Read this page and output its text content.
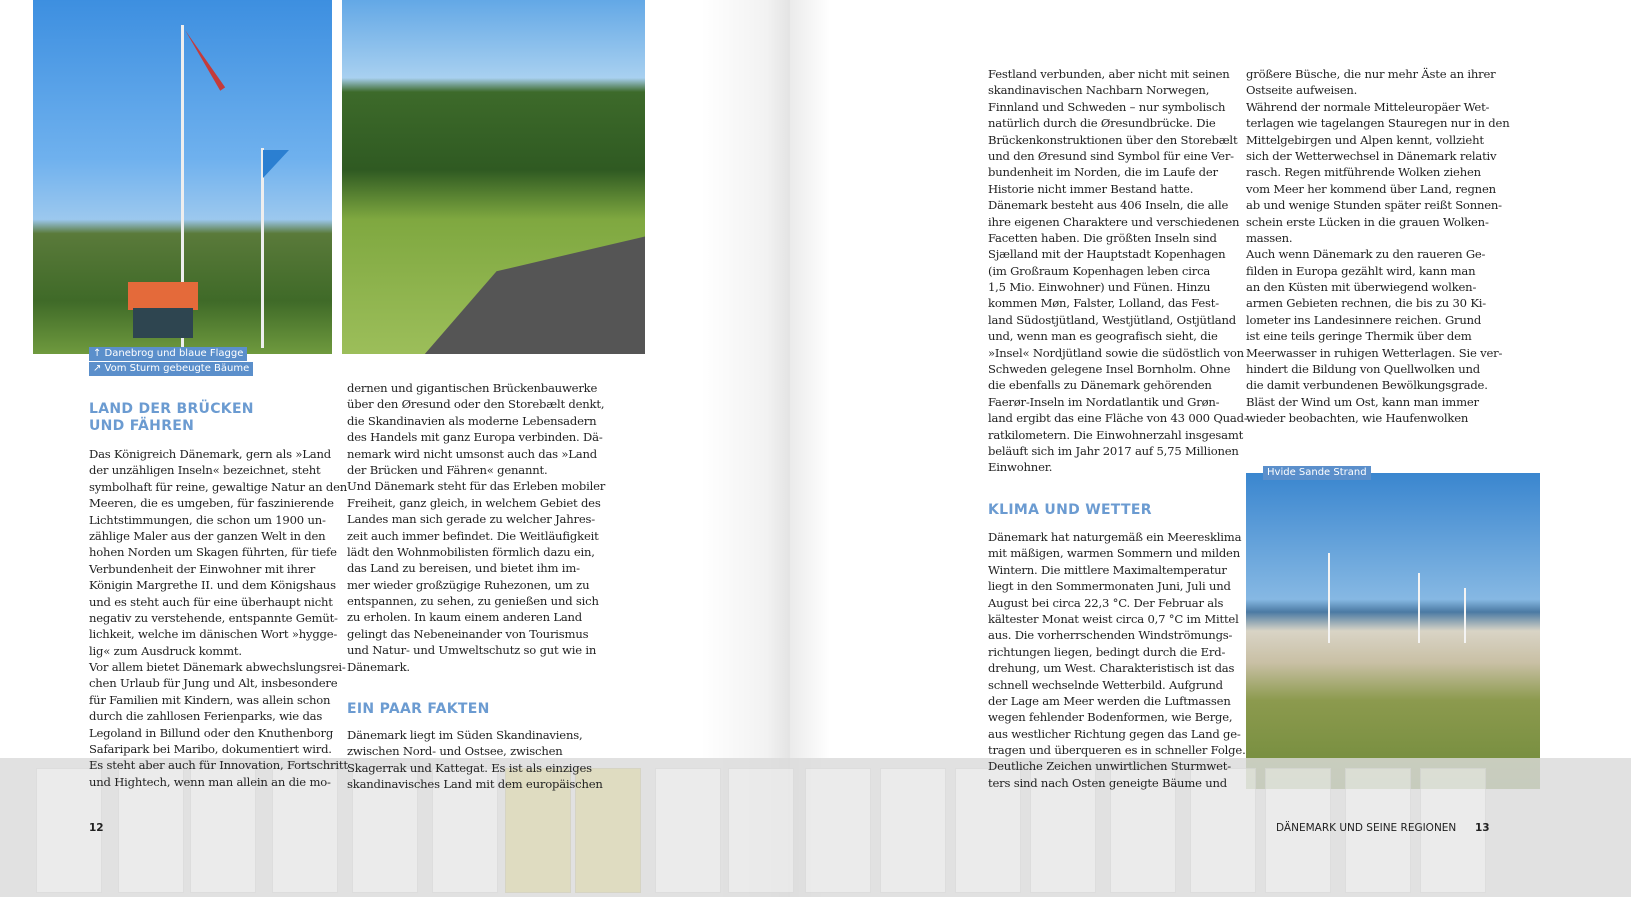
↑ Danebrog und blaue Flagge
↗ Vom Sturm gebeugte Bäume
LAND DER BRÜCKEN
UND FÄHREN
Das Königreich Dänemark, gern als »Land
der unzähligen Inseln« bezeichnet, steht
symbolhaft für reine, gewaltige Natur an den
Meeren, die es umgeben, für faszinierende
Lichtstimmungen, die schon um 1900 un-
zählige Maler aus der ganzen Welt in den
hohen Norden um Skagen führten, für tiefe
Verbundenheit der Einwohner mit ihrer
Königin Margrethe II. und dem Königshaus
und es steht auch für eine überhaupt nicht
negativ zu verstehende, entspannte Gemüt-
lichkeit, welche im dänischen Wort »hygge-
lig« zum Ausdruck kommt.
Vor allem bietet Dänemark abwechslungsrei-
chen Urlaub für Jung und Alt, insbesondere
für Familien mit Kindern, was allein schon
durch die zahllosen Ferienparks, wie das
Legoland in Billund oder den Knuthenborg
Safaripark bei Maribo, dokumentiert wird.
Es steht aber auch für Innovation, Fortschritt
und Hightech, wenn man allein an die mo-
dernen und gigantischen Brückenbauwerke
über den Øresund oder den Storebælt denkt,
die Skandinavien als moderne Lebensadern
des Handels mit ganz Europa verbinden. Dä-
nemark wird nicht umsonst auch das »Land
der Brücken und Fähren« genannt.
Und Dänemark steht für das Erleben mobiler
Freiheit, ganz gleich, in welchem Gebiet des
Landes man sich gerade zu welcher Jahres-
zeit auch immer befindet. Die Weitläufigkeit
lädt den Wohnmobilisten förmlich dazu ein,
das Land zu bereisen, und bietet ihm im-
mer wieder großzügige Ruhezonen, um zu
entspannen, zu sehen, zu genießen und sich
zu erholen. In kaum einem anderen Land
gelingt das Nebeneinander von Tourismus
und Natur- und Umweltschutz so gut wie in
Dänemark.
EIN PAAR FAKTEN
Dänemark liegt im Süden Skandinaviens,
zwischen Nord- und Ostsee, zwischen
Skagerrak und Kattegat. Es ist als einziges
skandinavisches Land mit dem europäischen
Festland verbunden, aber nicht mit seinen
skandinavischen Nachbarn Norwegen,
Finnland und Schweden – nur symbolisch
natürlich durch die Øresundbrücke. Die
Brückenkonstruktionen über den Storebælt
und den Øresund sind Symbol für eine Ver-
bundenheit im Norden, die im Laufe der
Historie nicht immer Bestand hatte.
Dänemark besteht aus 406 Inseln, die alle
ihre eigenen Charaktere und verschiedenen
Facetten haben. Die größten Inseln sind
Sjælland mit der Hauptstadt Kopenhagen
(im Großraum Kopenhagen leben circa
1,5 Mio. Einwohner) und Fünen. Hinzu
kommen Møn, Falster, Lolland, das Fest-
land Südostjütland, Westjütland, Ostjütland
und, wenn man es geografisch sieht, die
»Insel« Nordjütland sowie die südöstlich von
Schweden gelegene Insel Bornholm. Ohne
die ebenfalls zu Dänemark gehörenden
Faerør-Inseln im Nordatlantik und Grøn-
land ergibt das eine Fläche von 43 000 Quad-
ratkilometern. Die Einwohnerzahl insgesamt
beläuft sich im Jahr 2017 auf 5,75 Millionen
Einwohner.
KLIMA UND WETTER
Dänemark hat naturgemäß ein Meeresklima
mit mäßigen, warmen Sommern und milden
Wintern. Die mittlere Maximaltemperatur
liegt in den Sommermonaten Juni, Juli und
August bei circa 22,3 °C. Der Februar als
kältester Monat weist circa 0,7 °C im Mittel
aus. Die vorherrschenden Windströmungs-
richtungen liegen, bedingt durch die Erd-
drehung, um West. Charakteristisch ist das
schnell wechselnde Wetterbild. Aufgrund
der Lage am Meer werden die Luftmassen
wegen fehlender Bodenformen, wie Berge,
aus westlicher Richtung gegen das Land ge-
tragen und überqueren es in schneller Folge.
Deutliche Zeichen unwirtlichen Sturmwet-
ters sind nach Osten geneigte Bäume und
größere Büsche, die nur mehr Äste an ihrer
Ostseite aufweisen.
Während der normale Mitteleuropäer Wet-
terlagen wie tagelangen Stauregen nur in den
Mittelgebirgen und Alpen kennt, vollzieht
sich der Wetterwechsel in Dänemark relativ
rasch. Regen mitführende Wolken ziehen
vom Meer her kommend über Land, regnen
ab und wenige Stunden später reißt Sonnen-
schein erste Lücken in die grauen Wolken-
massen.
Auch wenn Dänemark zu den raueren Ge-
filden in Europa gezählt wird, kann man
an den Küsten mit überwiegend wolken-
armen Gebieten rechnen, die bis zu 30 Ki-
lometer ins Landesinnere reichen. Grund
ist eine teils geringe Thermik über dem
Meerwasser in ruhigen Wetterlagen. Sie ver-
hindert die Bildung von Quellwolken und
die damit verbundenen Bewölkungsgrade.
Bläst der Wind um Ost, kann man immer
wieder beobachten, wie Haufenwolken
Hvide Sande Strand
12	DÄNEMARK UND SEINE REGIONEN 13
